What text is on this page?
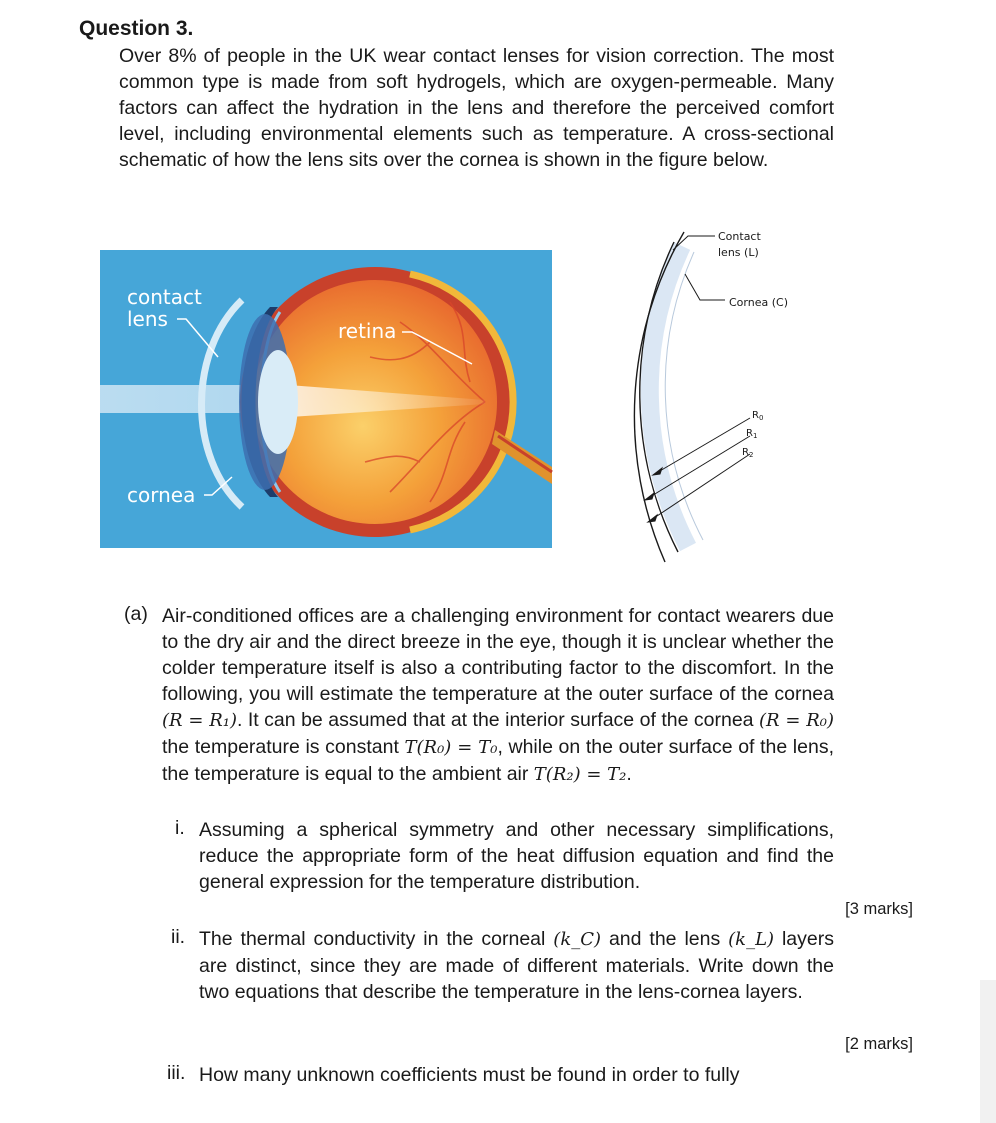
Question 3.
Over 8% of people in the UK wear contact lenses for vision correction. The most common type is made from soft hydrogels, which are oxygen-permeable. Many factors can affect the hydration in the lens and therefore the perceived comfort level, including environmental elements such as temperature. A cross-sectional schematic of how the lens sits over the cornea is shown in the figure below.
contact
lens	retina
cornea
Contact
lens (L)
Cornea (C)
$R_0$
$R_1$
$R_2$
(a) Air-conditioned offices are a challenging environment for contact wearers due to the dry air and the direct breeze in the eye, though it is unclear whether the colder temperature itself is also a contributing factor to the discomfort. In the following, you will estimate the temperature at the outer surface of the cornea (R = R₁). It can be assumed that at the interior surface of the cornea (R = R₀) the temperature is constant T(R₀) = T₀, while on the outer surface of the lens, the temperature is equal to the ambient air T(R₂) = T₂.
i. Assuming a spherical symmetry and other necessary simplifications, reduce the appropriate form of the heat diffusion equation and find the general expression for the temperature distribution.
[3 marks]
ii. The thermal conductivity in the corneal (k_C) and the lens (k_L) layers are distinct, since they are made of different materials. Write down the two equations that describe the temperature in the lens-cornea layers.
[2 marks]
iii. How many unknown coefficients must be found in order to fully
